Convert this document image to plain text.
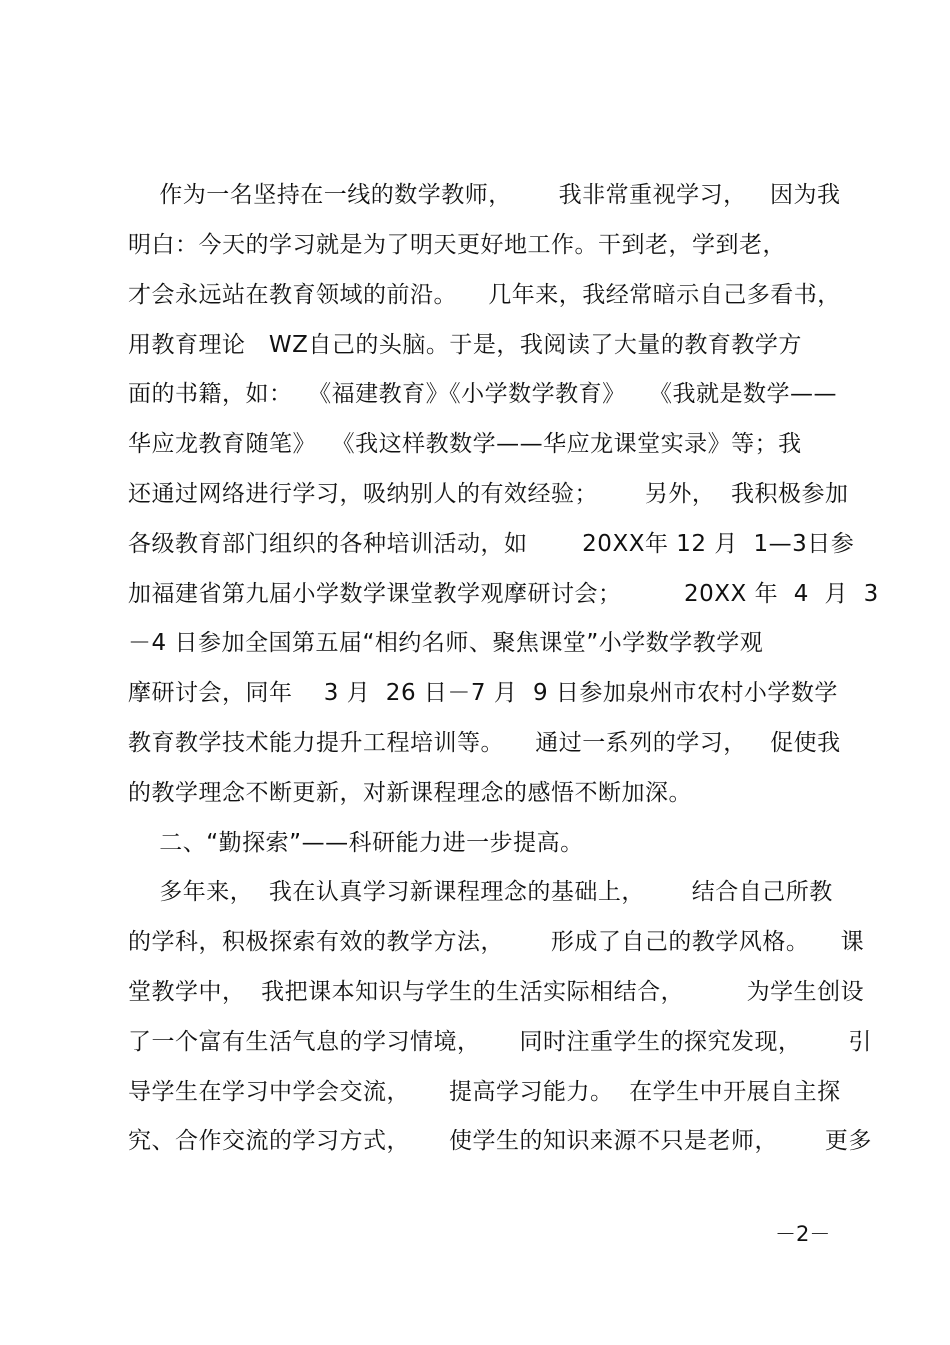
作为一名坚持在一线的数学教师，      我非常重视学习，   因为我
明白：今天的学习就是为了明天更好地工作。干到老，学到老，
才会永远站在教育领域的前沿。    几年来，我经常暗示自己多看书，
用教育理论   WZ自己的头脑。于是，我阅读了大量的教育教学方
面的书籍，如：  《福建教育》《小学数学教育》   《我就是数学——
华应龙教育随笔》  《我这样教数学——华应龙课堂实录》等；我
还通过网络进行学习，吸纳别人的有效经验；      另外，  我积极参加
各级教育部门组织的各种培训活动，如       20XX年 12 月  1—3日参
加福建省第九届小学数学课堂教学观摩研讨会；        20XX 年  4  月  3
－4 日参加全国第五届“相约名师、聚焦课堂”小学数学教学观
摩研讨会，同年    3 月  26 日－7 月  9 日参加泉州市农村小学数学
教育教学技术能力提升工程培训等。    通过一系列的学习，   促使我
的教学理念不断更新，对新课程理念的感悟不断加深。
二、“勤探索”——科研能力进一步提高。
多年来，  我在认真学习新课程理念的基础上，      结合自己所教
的学科，积极探索有效的教学方法，      形成了自己的教学风格。    课
堂教学中，  我把课本知识与学生的生活实际相结合，        为学生创设
了一个富有生活气息的学习情境，     同时注重学生的探究发现，      引
导学生在学习中学会交流，     提高学习能力。  在学生中开展自主探
究、合作交流的学习方式，     使学生的知识来源不只是老师，      更多
－2－
